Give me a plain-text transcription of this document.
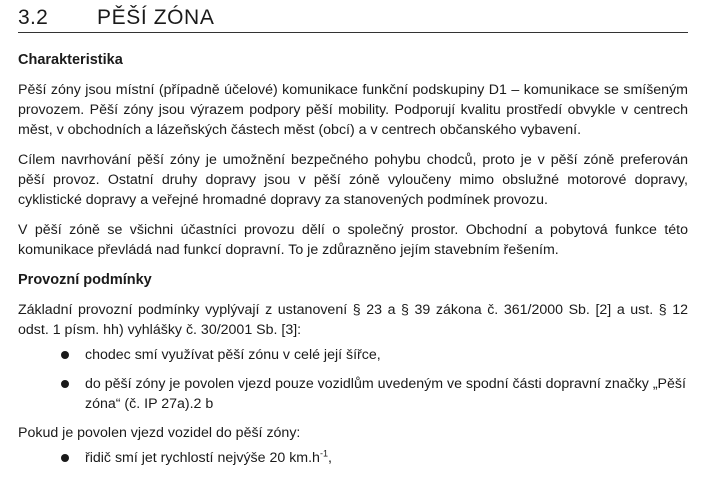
3.2 PĚŠÍ ZÓNA
Charakteristika

Pěší zóny jsou místní (případně účelové) komunikace funkční podskupiny D1 – komunikace se smíšeným provozem. Pěší zóny jsou výrazem podpory pěší mobility. Podporují kvalitu prostředí obvykle v centrech měst, v obchodních a lázeňských částech měst (obcí) a v centrech občanského vybavení.

Cílem navrhování pěší zóny je umožnění bezpečného pohybu chodců, proto je v pěší zóně preferován pěší provoz. Ostatní druhy dopravy jsou v pěší zóně vyloučeny mimo obslužné motorové dopravy, cyklistické dopravy a veřejné hromadné dopravy za stanovených podmínek provozu.

V pěší zóně se všichni účastníci provozu dělí o společný prostor. Obchodní a pobytová funkce této komunikace převládá nad funkcí dopravní. To je zdůrazněno jejím stavebním řešením.

Provozní podmínky

Základní provozní podmínky vyplývají z ustanovení § 23 a § 39 zákona č. 361/2000 Sb. [2] a ust. § 12 odst. 1 písm. hh) vyhlášky č. 30/2001 Sb. [3]:

chodec smí využívat pěší zónu v celé její šířce,
do pěší zóny je povolen vjezd pouze vozidlům uvedeným ve spodní části dopravní značky „Pěší zóna“ (č. IP 27a).2 b

Pokud je povolen vjezd vozidel do pěší zóny:

řidič smí jet rychlostí nejvýše 20 $km.h^{-1}$,
